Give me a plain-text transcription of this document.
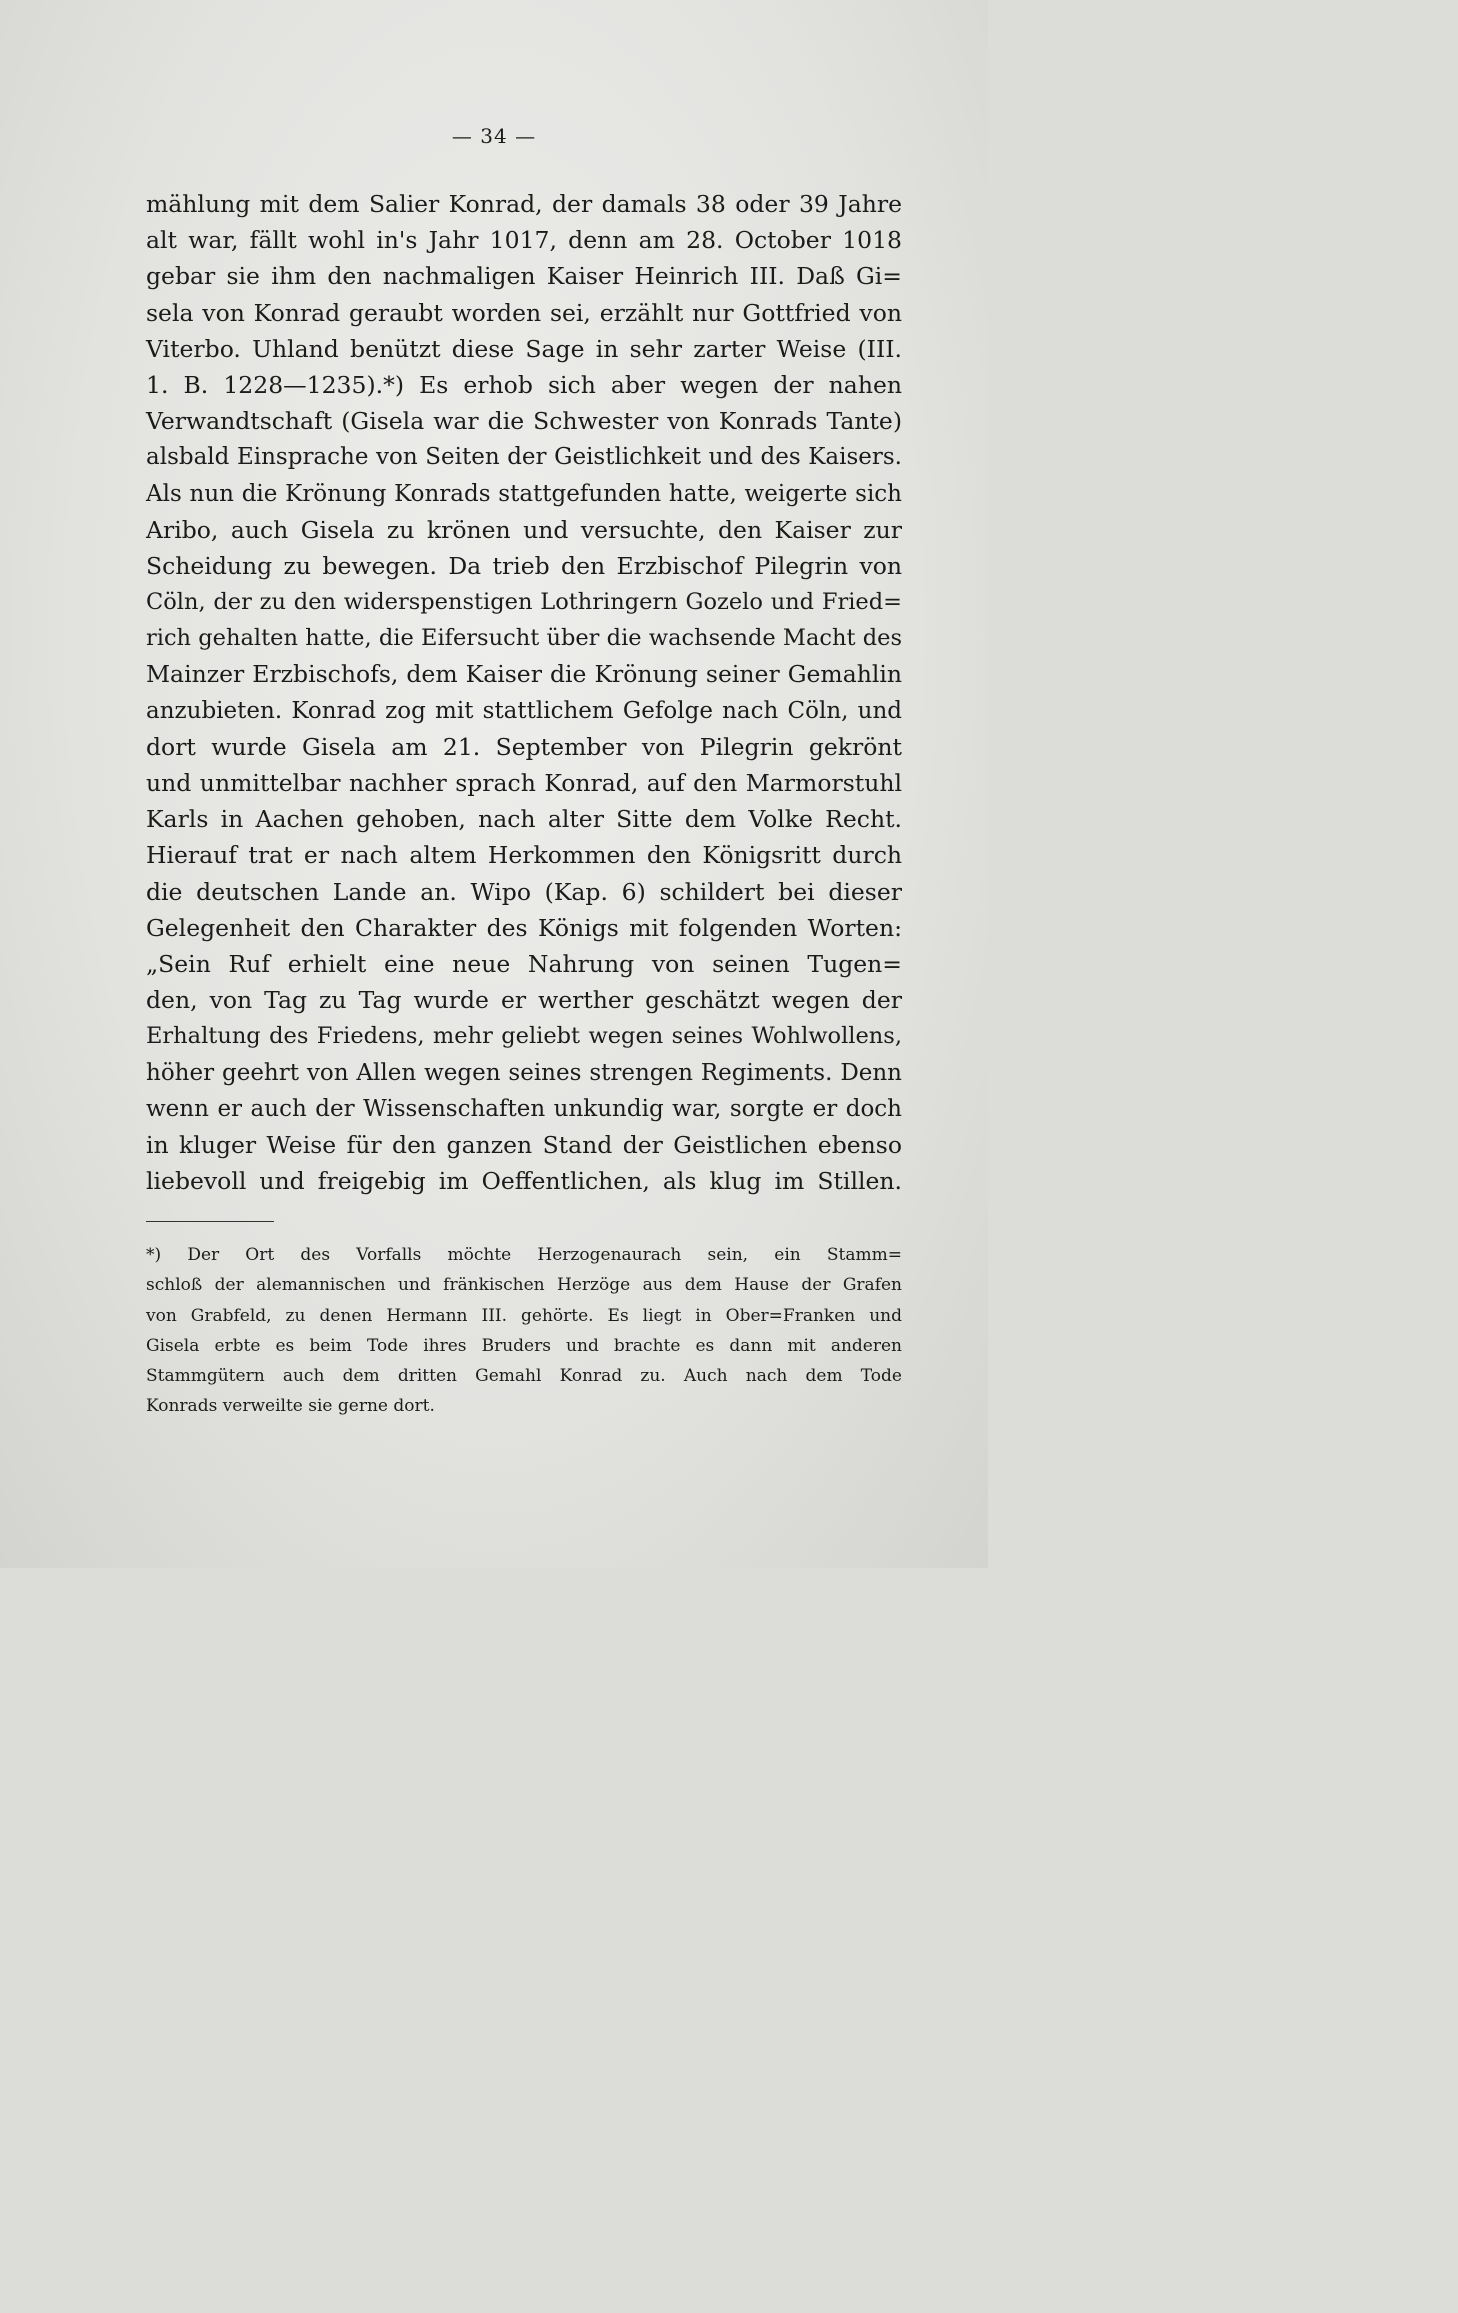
— 34 —
mählung mit dem Salier Konrad, der damals 38 oder 39 Jahre
alt war, fällt wohl in's Jahr 1017, denn am 28. October 1018
gebar sie ihm den nachmaligen Kaiser Heinrich III. Daß Gi=
sela von Konrad geraubt worden sei, erzählt nur Gottfried von
Viterbo. Uhland benützt diese Sage in sehr zarter Weise (III.
1. B. 1228—1235).*) Es erhob sich aber wegen der nahen
Verwandtschaft (Gisela war die Schwester von Konrads Tante)
alsbald Einsprache von Seiten der Geistlichkeit und des Kaisers.
Als nun die Krönung Konrads stattgefunden hatte, weigerte sich
Aribo, auch Gisela zu krönen und versuchte, den Kaiser zur
Scheidung zu bewegen. Da trieb den Erzbischof Pilegrin von
Cöln, der zu den widerspenstigen Lothringern Gozelo und Fried=
rich gehalten hatte, die Eifersucht über die wachsende Macht des
Mainzer Erzbischofs, dem Kaiser die Krönung seiner Gemahlin
anzubieten. Konrad zog mit stattlichem Gefolge nach Cöln, und
dort wurde Gisela am 21. September von Pilegrin gekrönt
und unmittelbar nachher sprach Konrad, auf den Marmorstuhl
Karls in Aachen gehoben, nach alter Sitte dem Volke Recht.
Hierauf trat er nach altem Herkommen den Königsritt durch
die deutschen Lande an. Wipo (Kap. 6) schildert bei dieser
Gelegenheit den Charakter des Königs mit folgenden Worten:
„Sein Ruf erhielt eine neue Nahrung von seinen Tugen=
den, von Tag zu Tag wurde er werther geschätzt wegen der
Erhaltung des Friedens, mehr geliebt wegen seines Wohlwollens,
höher geehrt von Allen wegen seines strengen Regiments. Denn
wenn er auch der Wissenschaften unkundig war, sorgte er doch
in kluger Weise für den ganzen Stand der Geistlichen ebenso
liebevoll und freigebig im Oeffentlichen, als klug im Stillen.
*) Der Ort des Vorfalls möchte Herzogenaurach sein, ein Stamm=
schloß der alemannischen und fränkischen Herzöge aus dem Hause der Grafen
von Grabfeld, zu denen Hermann III. gehörte. Es liegt in Ober=Franken und
Gisela erbte es beim Tode ihres Bruders und brachte es dann mit anderen
Stammgütern auch dem dritten Gemahl Konrad zu. Auch nach dem Tode
Konrads verweilte sie gerne dort.
